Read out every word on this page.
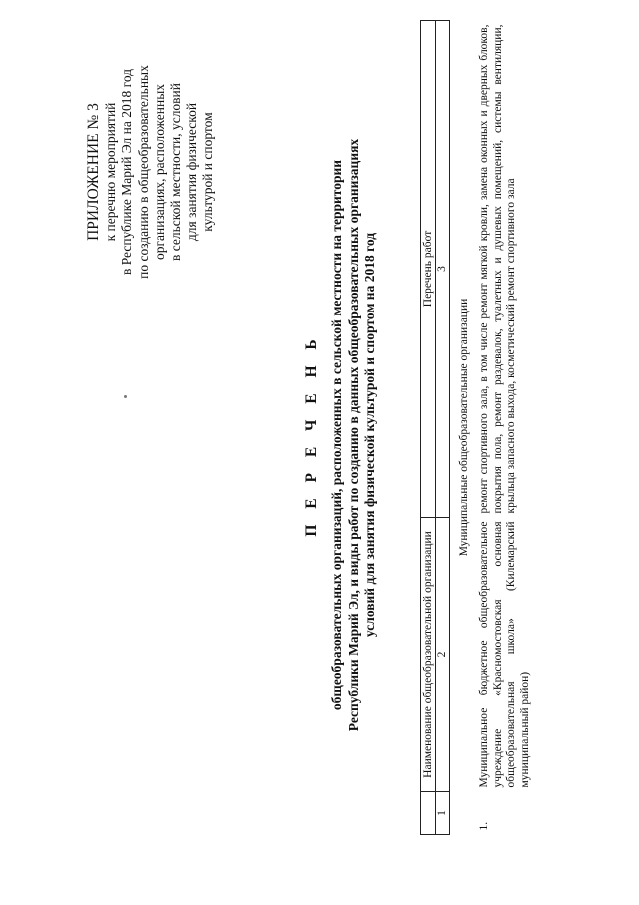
ПРИЛОЖЕНИЕ № 3 к перечню мероприятий в Республике Марий Эл на 2018 год по созданию в общеобразовательных организациях, расположенных в сельской местности, условий для занятия физической культурой и спортом
П Е Р Е Ч Е Н Ь общеобразовательных организаций, расположенных в сельской местности на территории Республики Марий Эл, и виды работ по созданию в данных общеобразовательных организациях условий для занятия физической культурой и спортом на 2018 год
	Наименование общеобразовательной организации	Перечень работ
1	2	3
Муниципальные общеобразовательные организации		
1.	Муниципальное бюджетное общеобразовательное учреждение «Красномостовская основная общеобразовательная школа» (Килемарский муниципальный район)	ремонт спортивного зала, в том числе ремонт мягкой кровли, замена оконных и дверных блоков, покрытия пола, ремонт раздевалок, туалетных и душевых помещений, системы вентиляции, крыльца запасного выхода, косметический ремонт спортивного зала
